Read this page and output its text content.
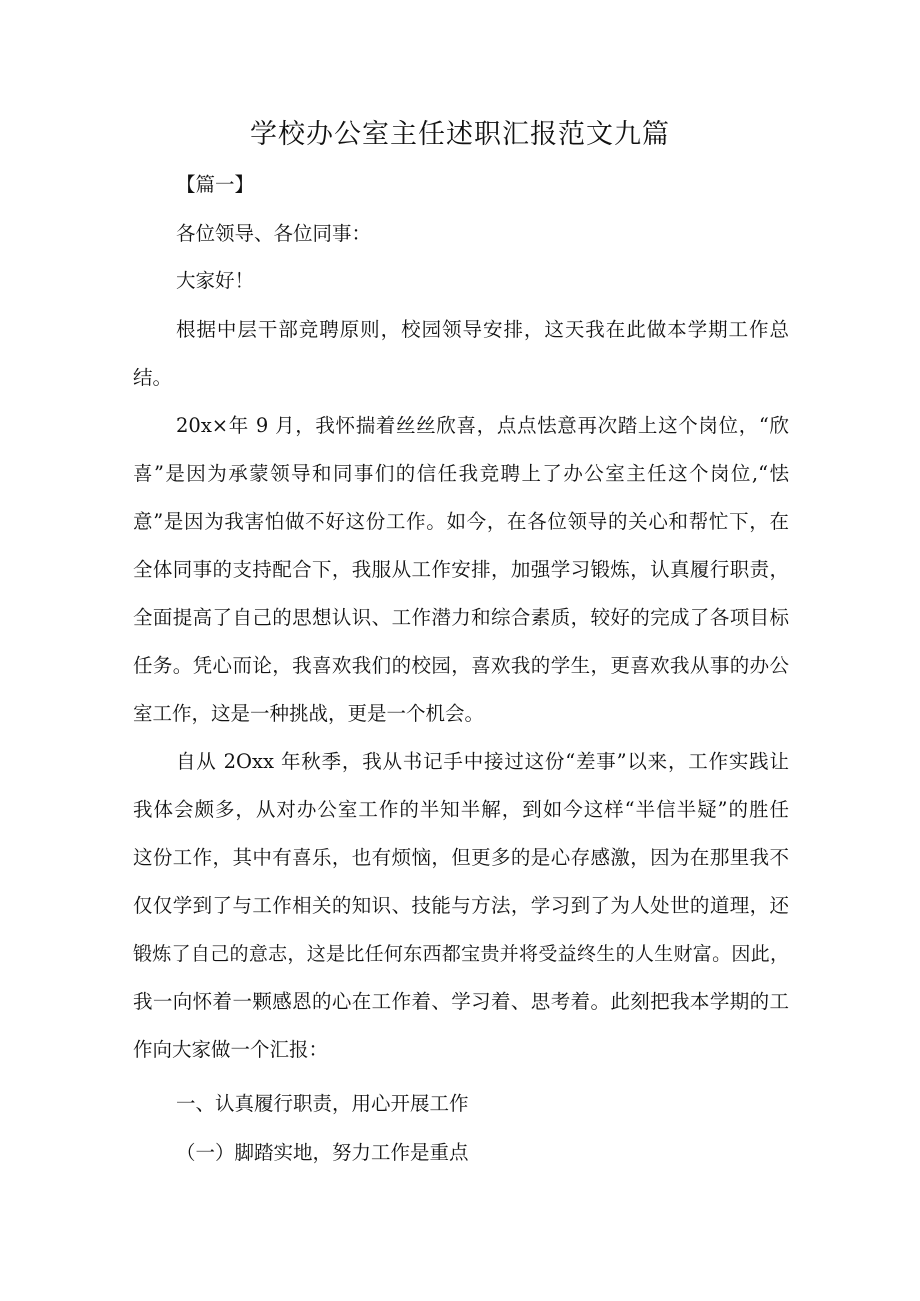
学校办公室主任述职汇报范文九篇
【篇一】
各位领导、各位同事：
大家好！
根据中层干部竞聘原则，校园领导安排，这天我在此做本学期工作总
结。
20x×年 9 月，我怀揣着丝丝欣喜，点点怯意再次踏上这个岗位，“欣
喜”是因为承蒙领导和同事们的信任我竞聘上了办公室主任这个岗位,“怯
意”是因为我害怕做不好这份工作。如今，在各位领导的关心和帮忙下，在
全体同事的支持配合下，我服从工作安排，加强学习锻炼，认真履行职责，
全面提高了自己的思想认识、工作潜力和综合素质，较好的完成了各项目标
任务。凭心而论，我喜欢我们的校园，喜欢我的学生，更喜欢我从事的办公
室工作，这是一种挑战，更是一个机会。
自从 2Oxx 年秋季，我从书记手中接过这份“差事”以来，工作实践让
我体会颇多，从对办公室工作的半知半解，到如今这样“半信半疑”的胜任
这份工作，其中有喜乐，也有烦恼，但更多的是心存感激，因为在那里我不
仅仅学到了与工作相关的知识、技能与方法，学习到了为人处世的道理，还
锻炼了自己的意志，这是比任何东西都宝贵并将受益终生的人生财富。因此，
我一向怀着一颗感恩的心在工作着、学习着、思考着。此刻把我本学期的工
作向大家做一个汇报：
一、认真履行职责，用心开展工作
（一）脚踏实地，努力工作是重点
